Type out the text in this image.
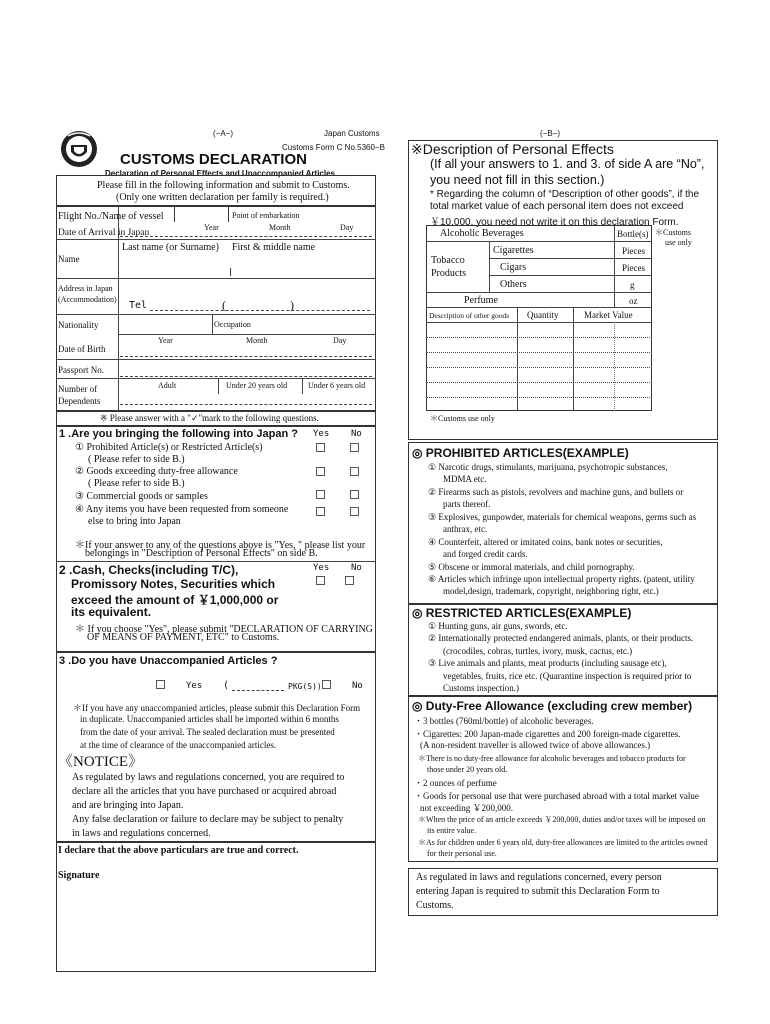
(−A−)	Japan Customs
Customs Form C No.5360−B
CUSTOMS DECLARATION
Declaration of Personal Effects and Unaccompanied Articles
Please fill in the following information and submit to Customs.
(Only one written declaration per family is required.)
Flight No./Name of vessel
Date of Arrival in Japan
Point of embarkation
Year	Month	Day
Last name (or Surname) First & middle name
Name
Address in Japan
(Accommodation)
Tel	(	)
Nationality	Occupation
Year	Month	Day
Date of Birth
Passport No.
Number of
Dependents
Adult	Under 20 years old	Under 6 years old
※ Please answer with a "✓"mark to the following questions.
1 .Are you bringing the following into Japan ? Yes No
① Prohibited Article(s) or Restricted Article(s)
( Please refer to side B.)
② Goods exceeding duty-free allowance
( Please refer to side B.)
③ Commercial goods or samples
④ Any items you have been requested from someone
else to bring into Japan
＊If your answer to any of the questions above is "Yes, " please list your
belongings in "Description of Personal Effects" on side B.
2 .Cash, Checks(including T/C),
Promissory Notes, Securities which
exceed the amount of ￥1,000,000 or
its equivalent.
Yes No
＊ If you choose "Yes", please submit "DECLARATION OF CARRYING
OF MEANS OF PAYMENT, ETC" to Customs.
3 .Do you have Unaccompanied Articles ?
Yes (	PKG(S))	No
＊If you have any unaccompanied articles, please submit this Declaration Form
in duplicate. Unaccompanied articles shall be imported within 6 months
from the date of your arrival. The sealed declaration must be presented
at the time of clearance of the unaccompanied articles.
《NOTICE》
As regulated by laws and regulations concerned, you are required to
declare all the articles that you have purchased or acquired abroad
and are bringing into Japan.
Any false declaration or failure to declare may be subject to penalty
in laws and regulations concerned.
I declare that the above particulars are true and correct.
Signature
(−B−)
※Description of Personal Effects
(If all your answers to 1. and 3. of side A are “No”,
you need not fill in this section.)
* Regarding the column of “Description of other goods”, if the
total market value of each personal item does not exceed
￥10,000, you need not write it on this declaration Form.
Alcoholic Beverages	Bottle(s) ＊Customs
use only
Tobacco
Products
Cigarettes	Pieces
Cigars	Pieces
Others	g
Perfume	oz
Description of other goods Quantity	Market Value
＊Customs use only
◎ PROHIBITED ARTICLES(EXAMPLE)
① Narcotic drugs, stimulants, marijuana, psychotropic substances,
MDMA etc.
② Firearms such as pistols, revolvers and machine guns, and bullets or
parts thereof.
③ Explosives, gunpowder, materials for chemical weapons, germs such as
anthrax, etc.
④ Counterfeit, altered or imitated coins, bank notes or securities,
and forged credit cards.
⑤ Obscene or immoral materials, and child pornography.
⑥ Articles which infringe upon intellectual property rights. (patent, utility
model,design, trademark, copyright, neighboring right, etc.)
◎ RESTRICTED ARTICLES(EXAMPLE)
① Hunting guns, air guns, swords, etc.
② Internationally protected endangered animals, plants, or their products.
(crocodiles, cobras, turtles, ivory, musk, cactus, etc.)
③ Live animals and plants, meat products (including sausage etc),
vegetables, fruits, rice etc. (Quarantine inspection is required prior to
Customs inspection.)
◎ Duty-Free Allowance (excluding crew member)
・3 bottles (760ml/bottle) of alcoholic beverages.
・Cigarettes: 200 Japan-made cigarettes and 200 foreign-made cigarettes.
(A non-resident traveller is allowed twice of above allowances.)
＊There is no duty-free allowance for alcoholic beverages and tobacco products for
those under 20 years old.
・2 ounces of perfume
・Goods for personal use that were purchased abroad with a total market value
not exceeding ￥200,000.
＊When the price of an article exceeds ￥200,000, duties and/or taxes will be imposed on
its entire value.
＊As for children under 6 years old, duty-free allowances are limited to the articles owned
for their personal use.
As regulated in laws and regulations concerned, every person
entering Japan is required to submit this Declaration Form to
Customs.
